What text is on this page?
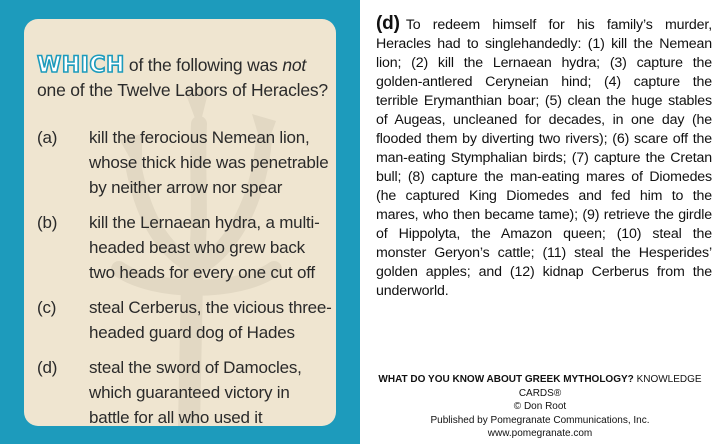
WHICH of the following was not
one of the Twelve Labors of Heracles?
(a)	kill the ferocious Nemean lion, whose thick hide was penetrable by neither arrow nor spear
(b)	kill the Lernaean hydra, a multi-headed beast who grew back two heads for every one cut off
(c)	steal Cerberus, the vicious three-headed guard dog of Hades
(d)	steal the sword of Damocles, which guaranteed victory in battle for all who used it
(d) To redeem himself for his family’s murder, Heracles had to singlehandedly: (1) kill the Nemean lion; (2) kill the Lernaean hydra; (3) capture the golden-antlered Ceryneian hind; (4) capture the terrible Erymanthian boar; (5) clean the huge stables of Augeas, uncleaned for decades, in one day (he flooded them by diverting two rivers); (6) scare off the man-eating Stymphalian birds; (7) capture the Cretan bull; (8) capture the man-eating mares of Diomedes (he captured King Diomedes and fed him to the mares, who then became tame); (9) retrieve the girdle of Hippolyta, the Amazon queen; (10) steal the monster Geryon’s cattle; (11) steal the Hesperides’ golden apples; and (12) kidnap Cerberus from the underworld.
WHAT DO YOU KNOW ABOUT GREEK MYTHOLOGY? KNOWLEDGE CARDS®
© Don Root
Published by Pomegranate Communications, Inc.
www.pomegranate.com
